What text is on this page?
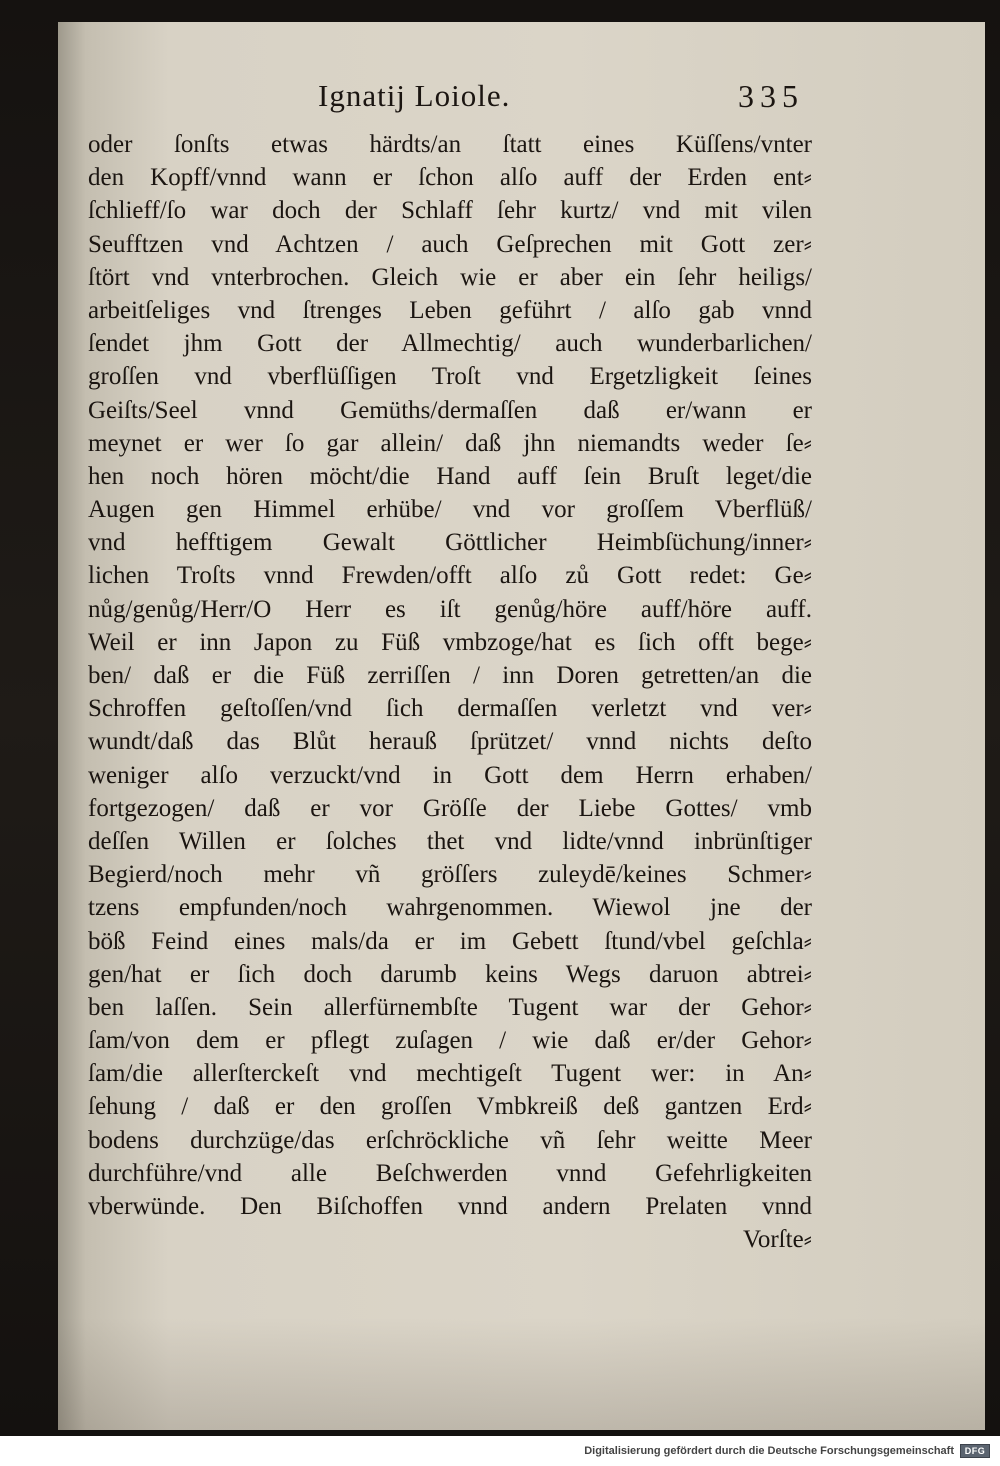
Ignatij Loiole.	335
oder ſonſts etwas härdts/an ſtatt eines Küſſens/vnter
den Kopff/vnnd wann er ſchon alſo auff der Erden ent⸗
ſchlieff/ſo war doch der Schlaff ſehr kurtz/ vnd mit vilen
Seufftzen vnd Achtzen / auch Geſprechen mit Gott zer⸗
ſtört vnd vnterbrochen. Gleich wie er aber ein ſehr heiligs/
arbeitſeliges vnd ſtrenges Leben geführt / alſo gab vnnd
ſendet jhm Gott der Allmechtig/ auch wunderbarlichen/
groſſen vnd vberflüſſigen Troſt vnd Ergetzligkeit ſeines
Geiſts/Seel vnnd Gemüths/dermaſſen daß er/wann er
meynet er wer ſo gar allein/ daß jhn niemandts weder ſe⸗
hen noch hören möcht/die Hand auff ſein Bruſt leget/die
Augen gen Himmel erhübe/ vnd vor groſſem Vberflüß/
vnd hefftigem Gewalt Göttlicher Heimbſüchung/inner⸗
lichen Troſts vnnd Frewden/offt alſo zů Gott redet: Ge⸗
nůg/genůg/Herr/O Herr es iſt genůg/höre auff/höre auff.
Weil er inn Japon zu Füß vmbzoge/hat es ſich offt bege⸗
ben/ daß er die Füß zerriſſen / inn Doren getretten/an die
Schroffen geſtoſſen/vnd ſich dermaſſen verletzt vnd ver⸗
wundt/daß das Blůt herauß ſprützet/ vnnd nichts deſto
weniger alſo verzuckt/vnd in Gott dem Herrn erhaben/
fortgezogen/ daß er vor Gröſſe der Liebe Gottes/ vmb
deſſen Willen er ſolches thet vnd lidte/vnnd inbrünſtiger
Begierd/noch mehr vñ gröſſers zuleydē/keines Schmer⸗
tzens empfunden/noch wahrgenommen. Wiewol jne der
böß Feind eines mals/da er im Gebett ſtund/vbel geſchla⸗
gen/hat er ſich doch darumb keins Wegs daruon abtrei⸗
ben laſſen. Sein allerfürnembſte Tugent war der Gehor⸗
ſam/von dem er pflegt zuſagen / wie daß er/der Gehor⸗
ſam/die allerſterckeſt vnd mechtigeſt Tugent wer: in An⸗
ſehung / daß er den groſſen Vmbkreiß deß gantzen Erd⸗
bodens durchzüge/das erſchröckliche vñ ſehr weitte Meer
durchführe/vnd alle Beſchwerden vnnd Gefehrligkeiten
vberwünde. Den Biſchoffen vnnd andern Prelaten vnnd
Vorſte⸗
Digitalisierung gefördert durch die Deutsche Forschungsgemeinschaft	DFG
